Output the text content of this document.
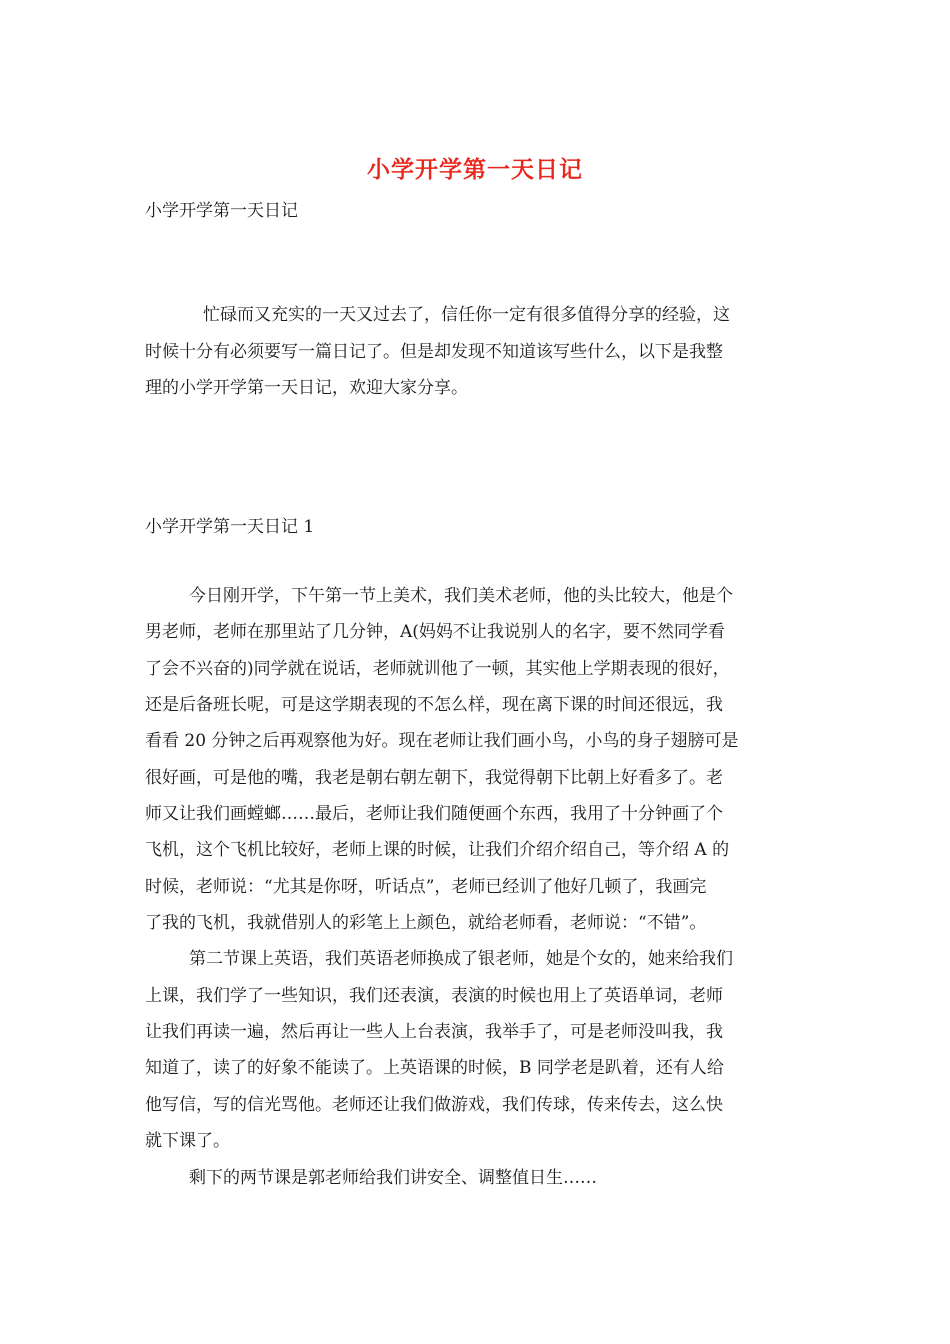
小学开学第一天日记
小学开学第一天日记
忙碌而又充实的一天又过去了，信任你一定有很多值得分享的经验，这
时候十分有必须要写一篇日记了。但是却发现不知道该写些什么，以下是我整
理的小学开学第一天日记，欢迎大家分享。
小学开学第一天日记 1
今日刚开学，下午第一节上美术，我们美术老师，他的头比较大，他是个
男老师，老师在那里站了几分钟，A(妈妈不让我说别人的名字，要不然同学看
了会不兴奋的)同学就在说话，老师就训他了一顿，其实他上学期表现的很好，
还是后备班长呢，可是这学期表现的不怎么样，现在离下课的时间还很远，我
看看 20 分钟之后再观察他为好。现在老师让我们画小鸟，小鸟的身子翅膀可是
很好画，可是他的嘴，我老是朝右朝左朝下，我觉得朝下比朝上好看多了。老
师又让我们画螳螂……最后，老师让我们随便画个东西，我用了十分钟画了个
飞机，这个飞机比较好，老师上课的时候，让我们介绍介绍自己，等介绍 A 的
时候，老师说：“尤其是你呀，听话点”，老师已经训了他好几顿了，我画完
了我的飞机，我就借别人的彩笔上上颜色，就给老师看，老师说：“不错”。
第二节课上英语，我们英语老师换成了银老师，她是个女的，她来给我们
上课，我们学了一些知识，我们还表演，表演的时候也用上了英语单词，老师
让我们再读一遍，然后再让一些人上台表演，我举手了，可是老师没叫我，我
知道了，读了的好象不能读了。上英语课的时候，B 同学老是趴着，还有人给
他写信，写的信光骂他。老师还让我们做游戏，我们传球，传来传去，这么快
就下课了。
剩下的两节课是郭老师给我们讲安全、调整值日生……
